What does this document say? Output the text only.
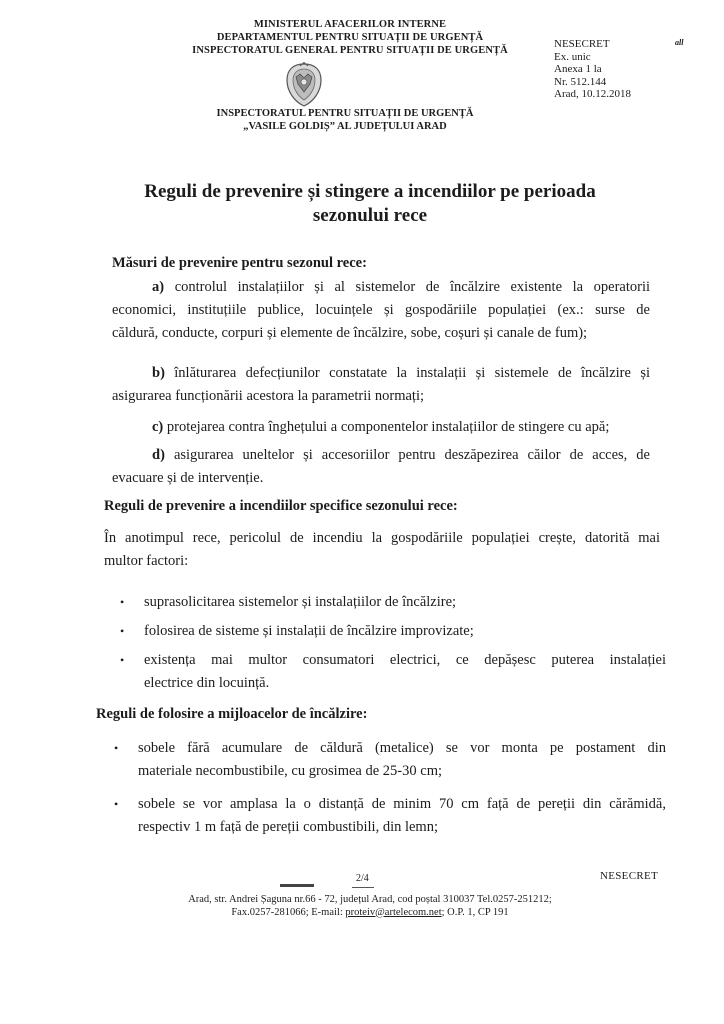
MINISTERUL AFACERILOR INTERNE
DEPARTAMENTUL PENTRU SITUAȚII DE URGENȚĂ
INSPECTORATUL GENERAL PENTRU SITUAȚII DE URGENȚĂ
INSPECTORATUL PENTRU SITUAȚII DE URGENȚĂ
„VASILE GOLDIȘ” AL JUDEȚULUI ARAD
NESECRET
Ex. unic
Anexa 1 la
Nr. 512.144
Arad, 10.12.2018
all
Reguli de prevenire și stingere a incendiilor pe perioada
sezonului rece
Măsuri de prevenire pentru sezonul rece:
a) controlul instalațiilor și al sistemelor de încălzire existente la operatorii
economici, instituțiile publice, locuințele și gospodăriile populației (ex.: surse de
căldură, conducte, corpuri și elemente de încălzire, sobe, coșuri și canale de fum);
b) înlăturarea defecțiunilor constatate la instalații și sistemele de încălzire și
asigurarea funcționării acestora la parametrii normați;
c) protejarea contra înghețului a componentelor instalațiilor de stingere cu apă;
d) asigurarea uneltelor și accesoriilor pentru deszăpezirea căilor de acces, de
evacuare și de intervenție.
Reguli de prevenire a incendiilor specifice sezonului rece:
În anotimpul rece, pericolul de incendiu la gospodăriile populației crește, datorită mai
multor factori:
• suprasolicitarea sistemelor și instalațiilor de încălzire;
• folosirea de sisteme și instalații de încălzire improvizate;
• existența mai multor consumatori electrici, ce depășesc puterea instalației
electrice din locuință.
Reguli de folosire a mijloacelor de încălzire:
• sobele fără acumulare de căldură (metalice) se vor monta pe postament din
materiale necombustibile, cu grosimea de 25-30 cm;
• sobele se vor amplasa la o distanță de minim 70 cm față de pereții din cărămidă,
respectiv 1 m față de pereții combustibili, din lemn;
2/4	NESECRET
Arad, str. Andrei Șaguna nr.66 - 72, județul Arad, cod poștal 310037 Tel.0257-251212;
Fax.0257-281066; E-mail: proteiv@artelecom.net; O.P. 1, CP 191
